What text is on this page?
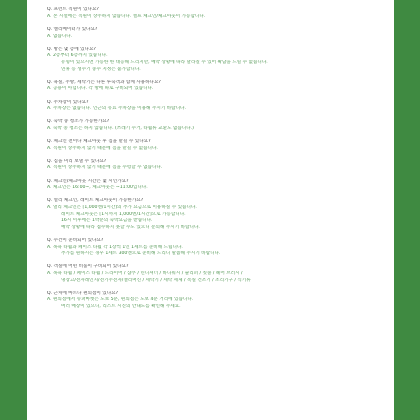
Q. 프런트 직원이 있나요?
A. 본 시설에는 직원이 상주하지 않습니다. 셀프 체크인/체크아웃이 가능합니다.
Q. 엘리베이터가 있나요?
A. 없습니다.
Q. 방은 몇 층에 있나요?
A. 2층부터 6층까지 있습니다.
유형이 있으시면 가능한 한 대응해 드리지만, 예약 상황에 따라 달라질 수 있어 확답을 드릴 수 없습니다.
연휴 등 성수기 중수 지정은 불가합니다.
Q. 욕실, 주방, 세탁기는 다른 투숙객과 함께 사용하나요?
A. 공용이 아닙니다. 각 방에 따로 구비되어 있습니다.
Q. 주차장이 있나요?
A. 주차장은 없습니다. 인근의 유료 주차장을 이용해 주시기 바랍니다.
Q. 숙박 중 청소가 가능한가요?
A. 숙박 중 청소는 하지 않습니다. (쓰레기 수거, 타월류 교환도 없습니다.)
Q. 체크인 전이나 체크아웃 후 짐을 맡길 수 있나요?
A. 직원이 상주하지 않기 때문에 짐을 맡길 수 없습니다.
Q. 짐을 미리 보낼 수 있나요?
A. 직원이 상주하지 않기 때문에 짐을 수령할 수 없습니다.
Q. 체크인/체크아웃 시간은 몇 시인가요?
A. 체크인은 16:00~, 체크아웃은 ~11:00입니다.
Q. 얼리 체크인, 레이트 체크아웃이 가능한가요?
A. 얼리 체크인은 [1,000엔/1시간]의 추가 요금으로 이용하실 수 있습니다.
레이트 체크아웃은 [1시까지 1,000엔/1시간]으로 가능합니다.
16시 이후에는 1박분의 숙박요금을 받습니다.
예약 상황에 따라 접수하지 못할 수도 있으니 문의해 주시기 바랍니다.
Q. 수건이 준비되어 있나요?
A. 목욕 타월과 페이스 타월 각 1장씩 1인 1세트를 준비해 드립니다.
추가를 원하시는 경우 1세트 300엔으로 준비해 드리니 말씀해 주시기 바랍니다.
Q. 객실에 어떤 비품이 구비되어 있나요?
A. 목욕 타월 / 페이스 타월 / 드라이어 / 샴푸 / 린디셔너 / 바디워시 / 슬리퍼 / 칫솔 / 헤어 브러시 /
냉장고/전자레인지/전기주전자/젤리머신 / 세탁기 / 세탁 세제 / 복실 건조기 / 조리기구 / 식기류
Q. 근처에 마트나 편의점이 있나요?
A. 편의점에서 슈퍼마켓은 도보 5분, 편의점은 도보 4분 거리에 있습니다.
여러 매장이 있으니, 리스트 시진의 안내도를 확인해 주세요.
